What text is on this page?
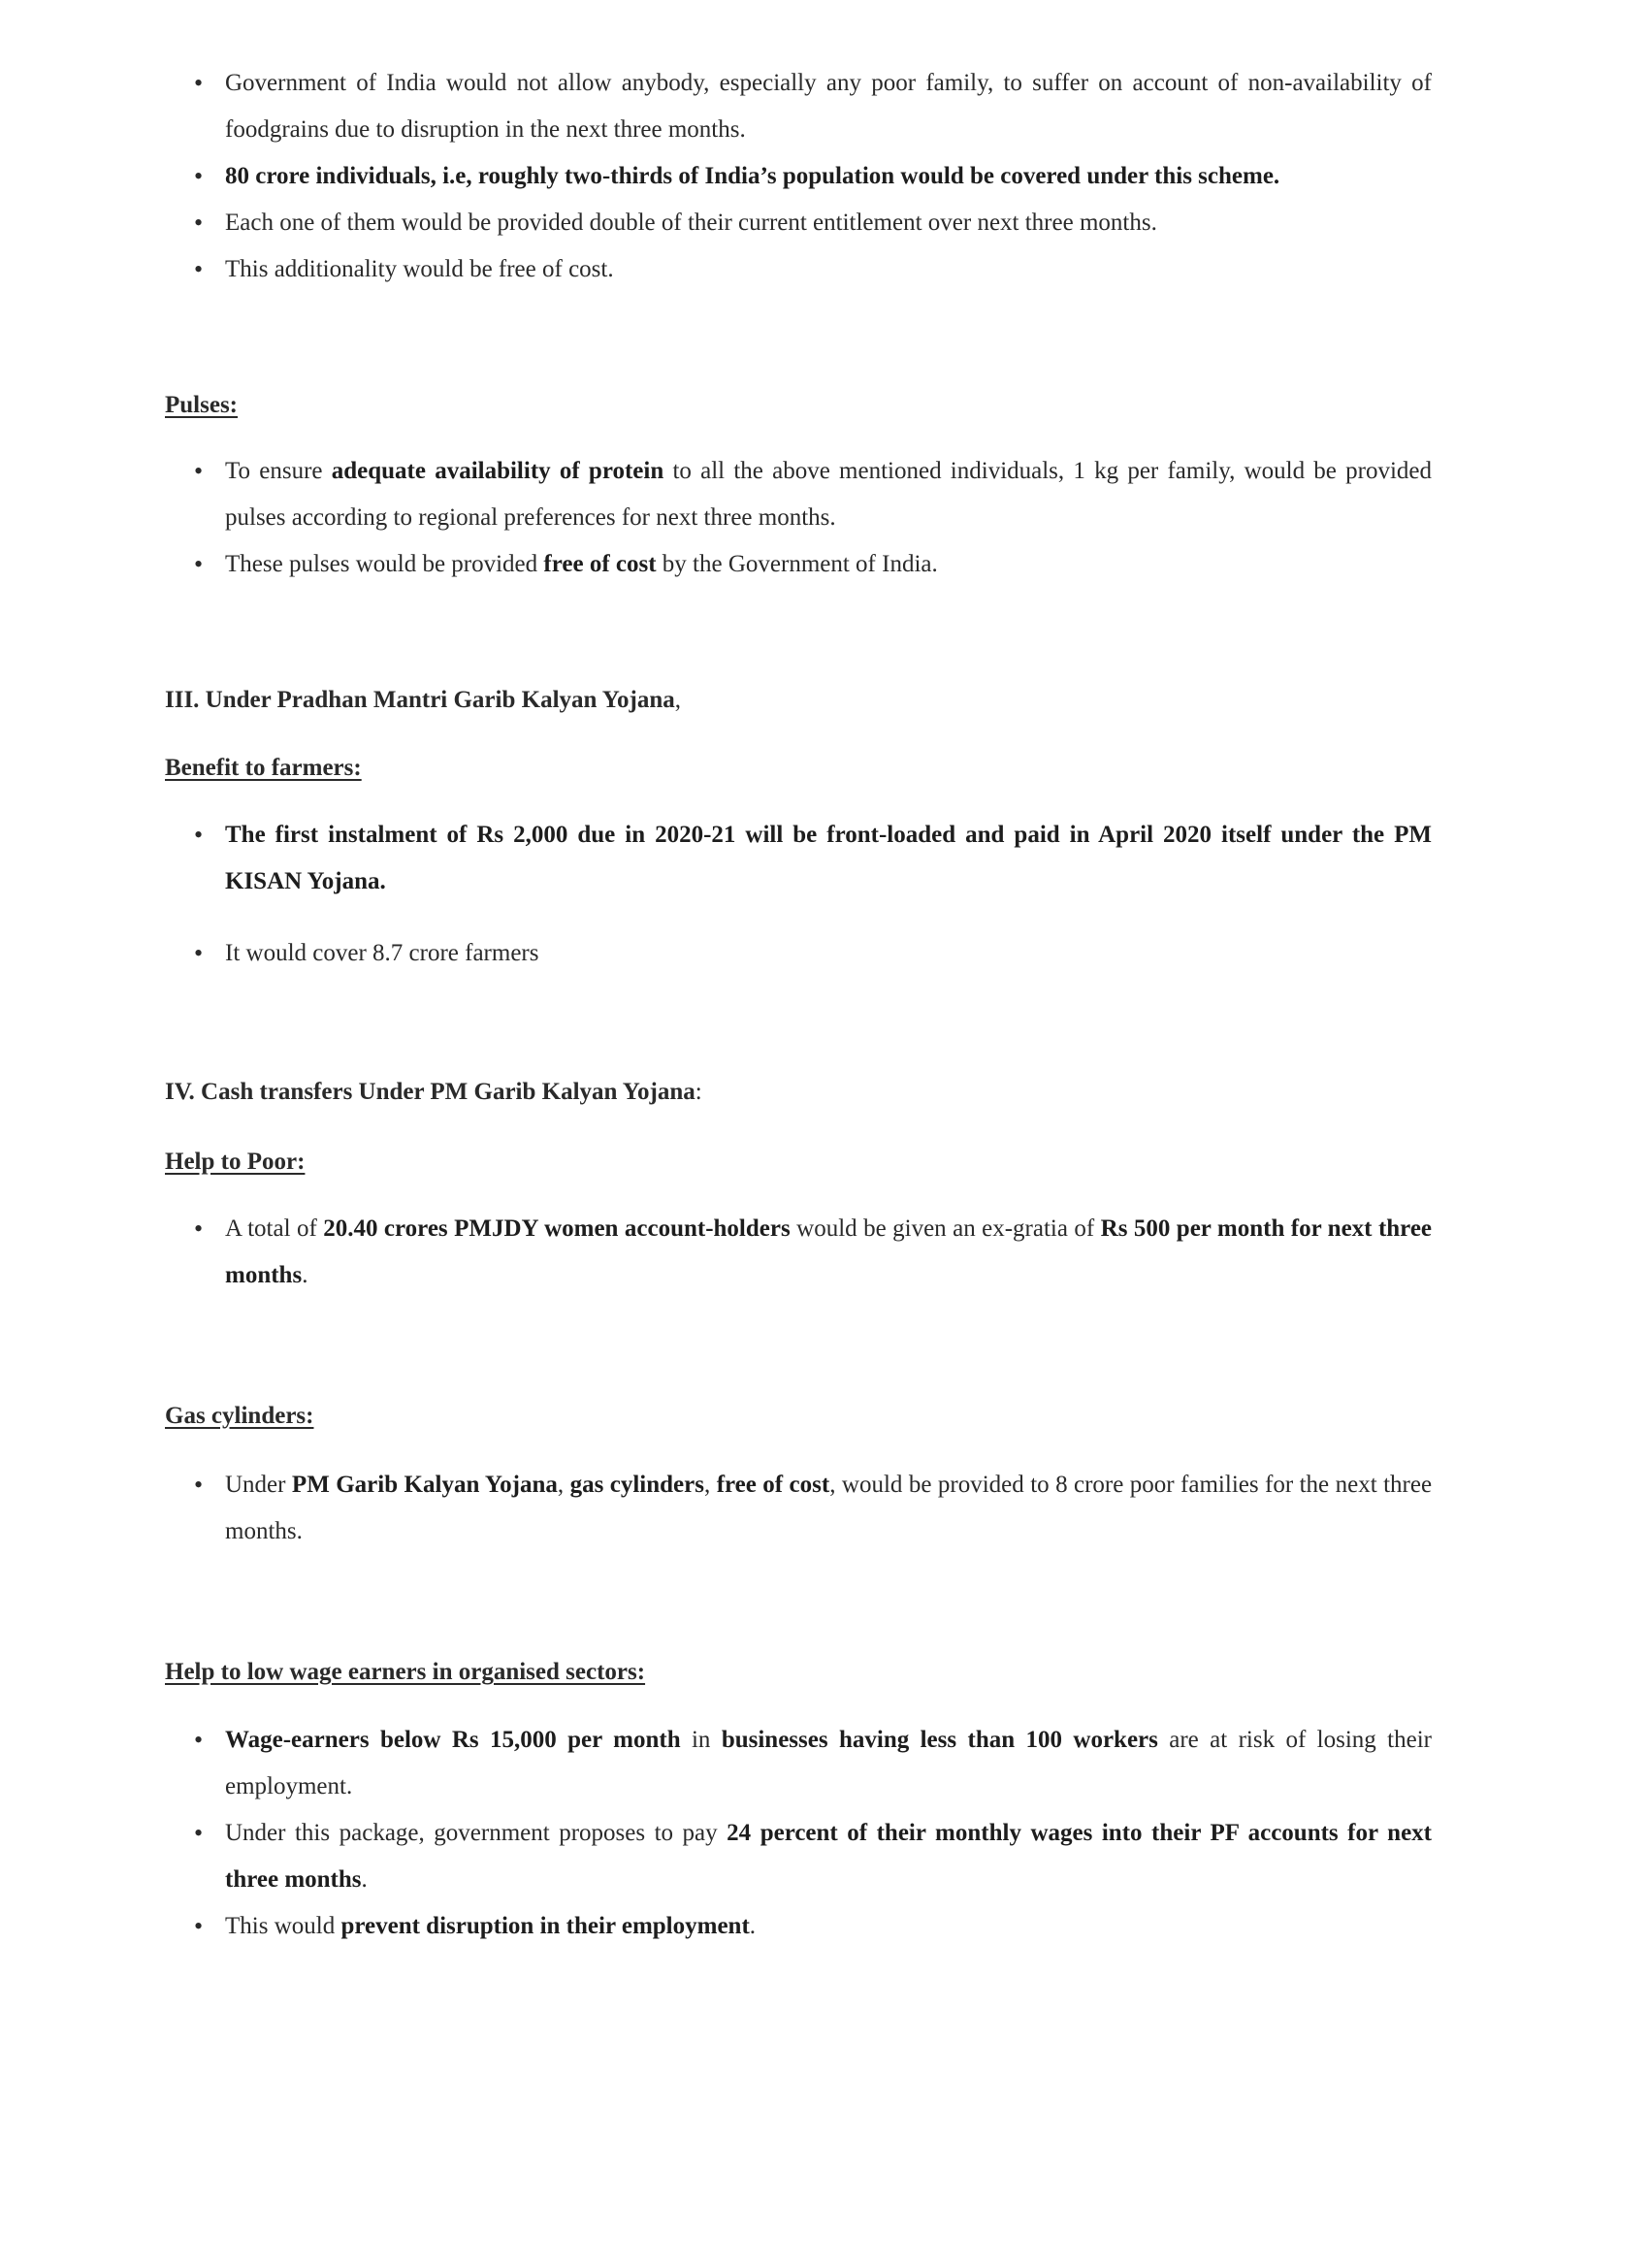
• Government of India would not allow anybody, especially any poor family, to suffer on account of non-availability of foodgrains due to disruption in the next three months.
• 80 crore individuals, i.e, roughly two-thirds of India’s population would be covered under this scheme.
• Each one of them would be provided double of their current entitlement over next three months.
• This additionality would be free of cost.
Pulses:
• To ensure adequate availability of protein to all the above mentioned individuals, 1 kg per family, would be provided pulses according to regional preferences for next three months.
• These pulses would be provided free of cost by the Government of India.
III. Under Pradhan Mantri Garib Kalyan Yojana,
Benefit to farmers:
• The first instalment of Rs 2,000 due in 2020-21 will be front-loaded and paid in April 2020 itself under the PM KISAN Yojana.
• It would cover 8.7 crore farmers
IV. Cash transfers Under PM Garib Kalyan Yojana:
Help to Poor:
• A total of 20.40 crores PMJDY women account-holders would be given an ex-gratia of Rs 500 per month for next three months.
Gas cylinders:
• Under PM Garib Kalyan Yojana, gas cylinders, free of cost, would be provided to 8 crore poor families for the next three months.
Help to low wage earners in organised sectors:
• Wage-earners below Rs 15,000 per month in businesses having less than 100 workers are at risk of losing their employment.
• Under this package, government proposes to pay 24 percent of their monthly wages into their PF accounts for next three months.
• This would prevent disruption in their employment.
